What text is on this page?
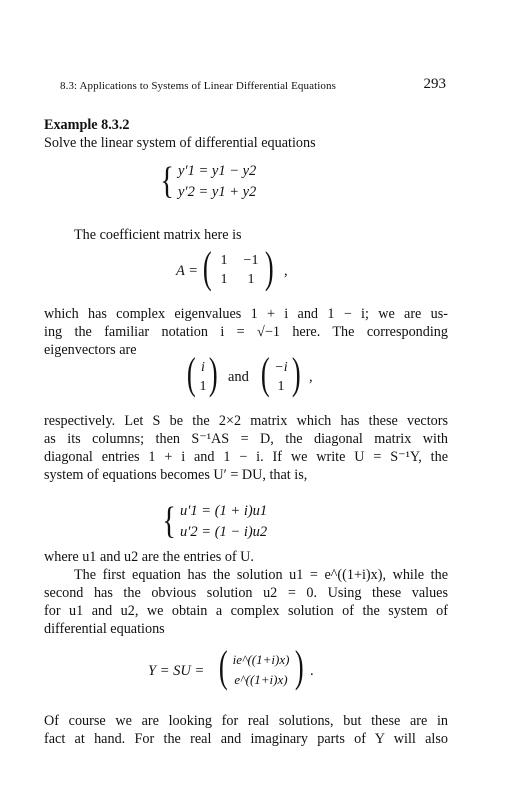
8.3: Applications to Systems of Linear Differential Equations	293
Example 8.3.2
Solve the linear system of differential equations
{ y′1 = y1 − y2
y′2 = y1 + y2
The coefficient matrix here is
A = ( 1	−1
1	1 ) ,
which has complex eigenvalues 1 + i and 1 − i; we are us-
ing the familiar notation i = √−1 here. The corresponding
eigenvectors are	( i
1 ) and ( −i
1 ) ,
respectively. Let S be the 2×2 matrix which has these vectors
as its columns; then S⁻¹AS = D, the diagonal matrix with
diagonal entries 1 + i and 1 − i. If we write U = S⁻¹Y, the
system of equations becomes U′ = DU, that is,
{ u′1 = (1 + i)u1
u′2 = (1 − i)u2
where u1 and u2 are the entries of U.
The first equation has the solution u1 = e^((1+i)x), while the
second has the obvious solution u2 = 0. Using these values
for u1 and u2, we obtain a complex solution of the system of
differential equations
Y = SU = ( ie^((1+i)x)
e^((1+i)x) ) .
Of course we are looking for real solutions, but these are in
fact at hand. For the real and imaginary parts of Y will also
